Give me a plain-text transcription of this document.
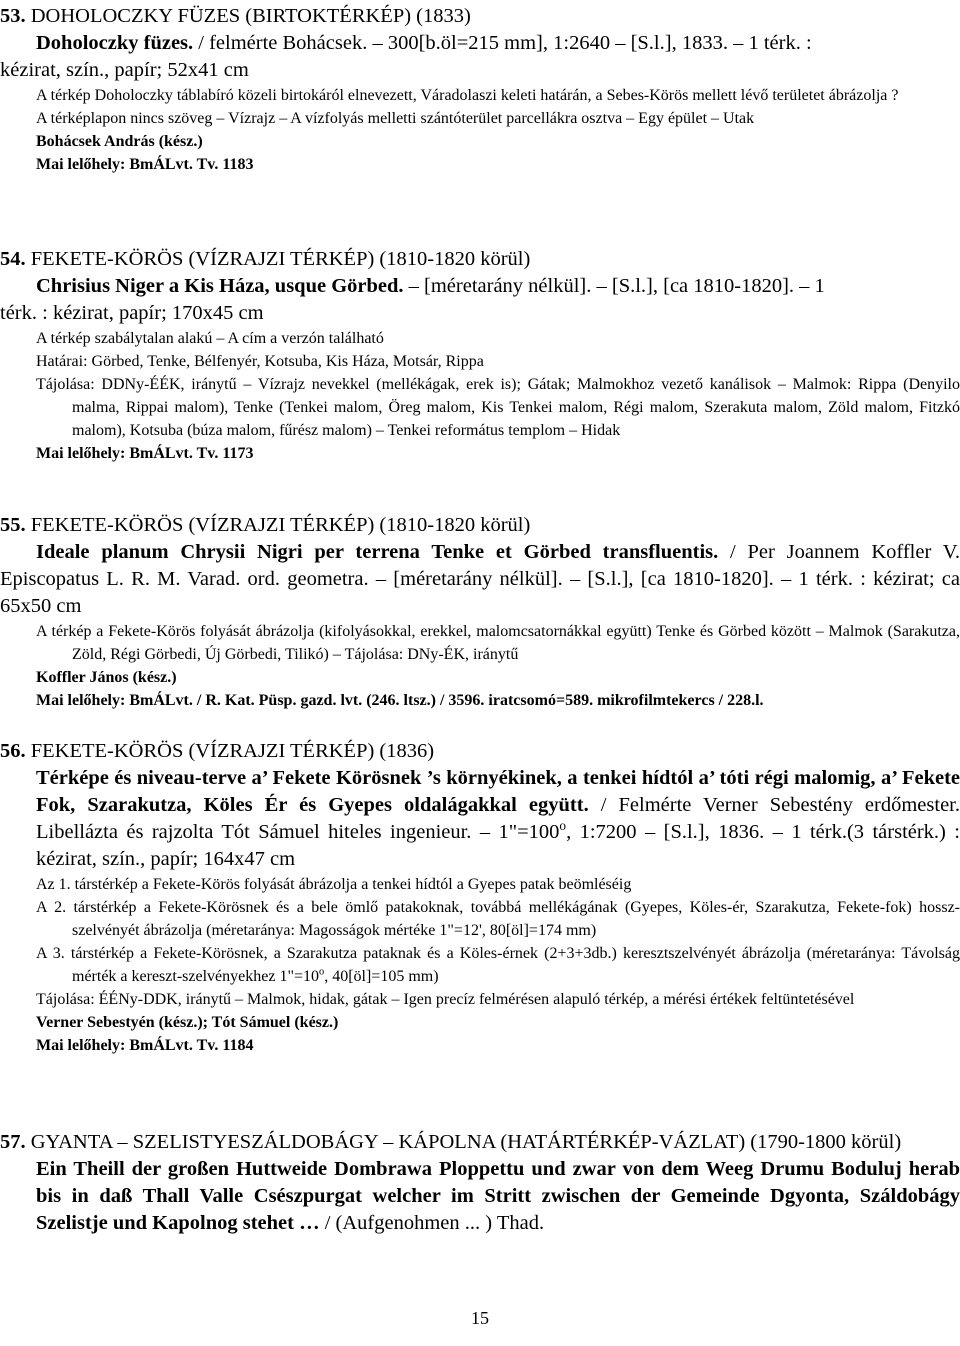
53. DOHOLOCZKY FÜZES (BIRTOKTÉRKÉP) (1833)

Doholoczky füzes. / felmérte Bohácsek. – 300[b.öl=215 mm], 1:2640 – [S.l.], 1833. – 1 térk. :

kézirat, szín., papír; 52x41 cm

A térkép Doholoczky táblabíró közeli birtokáról elnevezett, Váradolaszi keleti határán, a Sebes-Körös mellett lévő területet ábrázolja ?

A térképlapon nincs szöveg – Vízrajz – A vízfolyás melletti szántóterület parcellákra osztva – Egy épület – Utak

Bohácsek András (kész.)

Mai lelőhely: BmÁLvt. Tv. 1183

54. FEKETE-KÖRÖS (VÍZRAJZI TÉRKÉP) (1810-1820 körül)

Chrisius Niger a Kis Háza, usque Görbed. – [méretarány nélkül]. – [S.l.], [ca 1810-1820]. – 1

térk. : kézirat, papír; 170x45 cm

A térkép szabálytalan alakú – A cím a verzón található

Határai: Görbed, Tenke, Bélfenyér, Kotsuba, Kis Háza, Motsár, Rippa

Tájolása: DDNy-ÉÉK, iránytű – Vízrajz nevekkel (mellékágak, erek is); Gátak; Malmokhoz vezető kanálisok – Malmok: Rippa (Denyilo malma, Rippai malom), Tenke (Tenkei malom, Öreg malom, Kis Tenkei malom, Régi malom, Szerakuta malom, Zöld malom, Fitzkó malom), Kotsuba (búza malom, fűrész malom) – Tenkei református templom – Hidak

Mai lelőhely: BmÁLvt. Tv. 1173

55. FEKETE-KÖRÖS (VÍZRAJZI TÉRKÉP) (1810-1820 körül)

Ideale planum Chrysii Nigri per terrena Tenke et Görbed transfluentis. / Per Joannem Koffler V. Episcopatus L. R. M. Varad. ord. geometra. – [méretarány nélkül]. – [S.l.], [ca 1810-1820]. – 1 térk. : kézirat; ca 65x50 cm

A térkép a Fekete-Körös folyását ábrázolja (kifolyásokkal, erekkel, malomcsatornákkal együtt) Tenke és Görbed között – Malmok (Sarakutza, Zöld, Régi Görbedi, Új Görbedi, Tilikó) – Tájolása: DNy-ÉK, iránytű

Koffler János (kész.)

Mai lelőhely: BmÁLvt. / R. Kat. Püsp. gazd. lvt. (246. ltsz.) / 3596. iratcsomó=589. mikrofilmtekercs / 228.l.

56. FEKETE-KÖRÖS (VÍZRAJZI TÉRKÉP) (1836)

Térképe és niveau-terve a’ Fekete Körösnek ’s környékinek, a tenkei hídtól a’ tóti régi malomig, a’ Fekete Fok, Szarakutza, Köles Ér és Gyepes oldalágakkal együtt. / Felmérte Verner Sebestény erdőmester. Libellázta és rajzolta Tót Sámuel hiteles ingenieur. – $1"=100^o$, 1:7200 – [S.l.], 1836. – 1 térk.(3 társtérk.) : kézirat, szín., papír; 164x47 cm

Az 1. társtérkép a Fekete-Körös folyását ábrázolja a tenkei hídtól a Gyepes patak beömléséig

A 2. társtérkép a Fekete-Körösnek és a bele ömlő patakoknak, továbbá mellékágának (Gyepes, Köles-ér, Szarakutza, Fekete-fok) hossz-szelvényét ábrázolja (méretaránya: Magosságok mértéke 1"=12', 80[öl]=174 mm)

A 3. társtérkép a Fekete-Körösnek, a Szarakutza pataknak és a Köles-érnek (2+3+3db.) keresztszelvényét ábrázolja (méretaránya: Távolság mérték a kereszt-szelvényekhez $1"=10^o$, 40[öl]=105 mm)

Tájolása: ÉÉNy-DDK, iránytű – Malmok, hidak, gátak – Igen precíz felmérésen alapuló térkép, a mérési értékek feltüntetésével

Verner Sebestyén (kész.); Tót Sámuel (kész.)

Mai lelőhely: BmÁLvt. Tv. 1184

57. GYANTA – SZELISTYESZÁLDOBÁGY – KÁPOLNA (HATÁRTÉRKÉP-VÁZLAT) (1790-1800 körül)

Ein Theill der großen Huttweide Dombrawa Ploppettu und zwar von dem Weeg Drumu Boduluj herab bis in daß Thall Valle Csészpurgat welcher im Stritt zwischen der Gemeinde Dgyonta, Száldobágy Szelistje und Kapolnog stehet … / (Aufgenohmen ... ) Thad.

15
